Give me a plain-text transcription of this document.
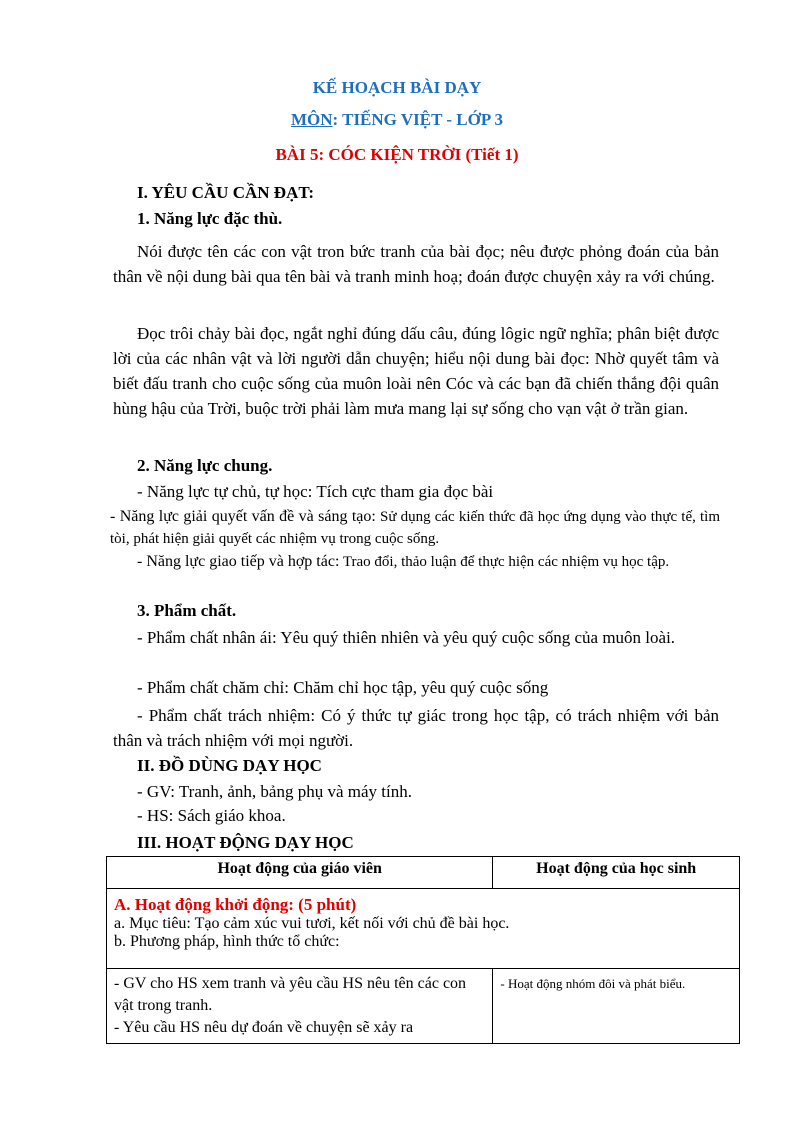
KẾ HOẠCH BÀI DẠY
MÔN: TIẾNG VIỆT - LỚP 3
BÀI 5: CÓC KIỆN TRỜI (Tiết 1)
I. YÊU CẦU CẦN ĐẠT:
1. Năng lực đặc thù.
Nói được tên các con vật tron bức tranh của bài đọc; nêu được phỏng đoán của bản thân về nội dung bài qua tên bài và tranh minh hoạ; đoán được chuyện xảy ra với chúng.
Đọc trôi chảy bài đọc, ngắt nghỉ đúng dấu câu, đúng lôgic ngữ nghĩa; phân biệt được lời của các nhân vật và lời người dẫn chuyện; hiểu nội dung bài đọc: Nhờ quyết tâm và biết đấu tranh cho cuộc sống của muôn loài nên Cóc và các bạn đã chiến thắng đội quân hùng hậu của Trời, buộc trời phải làm mưa mang lại sự sống cho vạn vật ở trần gian.
2. Năng lực chung.
- Năng lực tự chủ, tự học: Tích cực tham gia đọc bài
- Năng lực giải quyết vấn đề và sáng tạo: Sử dụng các kiến thức đã học ứng dụng vào thực tế, tìm tòi, phát hiện giải quyết các nhiệm vụ trong cuộc sống.
- Năng lực giao tiếp và hợp tác: Trao đổi, thảo luận để thực hiện các nhiệm vụ học tập.
3. Phẩm chất.
- Phẩm chất nhân ái: Yêu quý thiên nhiên và yêu quý cuộc sống của muôn loài.
- Phẩm chất chăm chỉ: Chăm chỉ học tập, yêu quý cuộc sống
- Phẩm chất trách nhiệm: Có ý thức tự giác trong học tập, có trách nhiệm với bản thân và trách nhiệm với mọi người.
II. ĐỒ DÙNG DẠY HỌC
- GV: Tranh, ảnh, bảng phụ và máy tính.
- HS: Sách giáo khoa.
III. HOẠT ĐỘNG DẠY HỌC
Hoạt động của giáo viên	Hoạt động của học sinh

A. Hoạt động khởi động: (5 phút)
a. Mục tiêu: Tạo cảm xúc vui tươi, kết nối với chủ đề bài học.
b. Phương pháp, hình thức tổ chức:	

- GV cho HS xem tranh và yêu cầu HS nêu tên các con vật trong tranh.
- Yêu cầu HS nêu dự đoán về chuyện sẽ xảy ra	- Hoạt động nhóm đôi và phát biểu.
